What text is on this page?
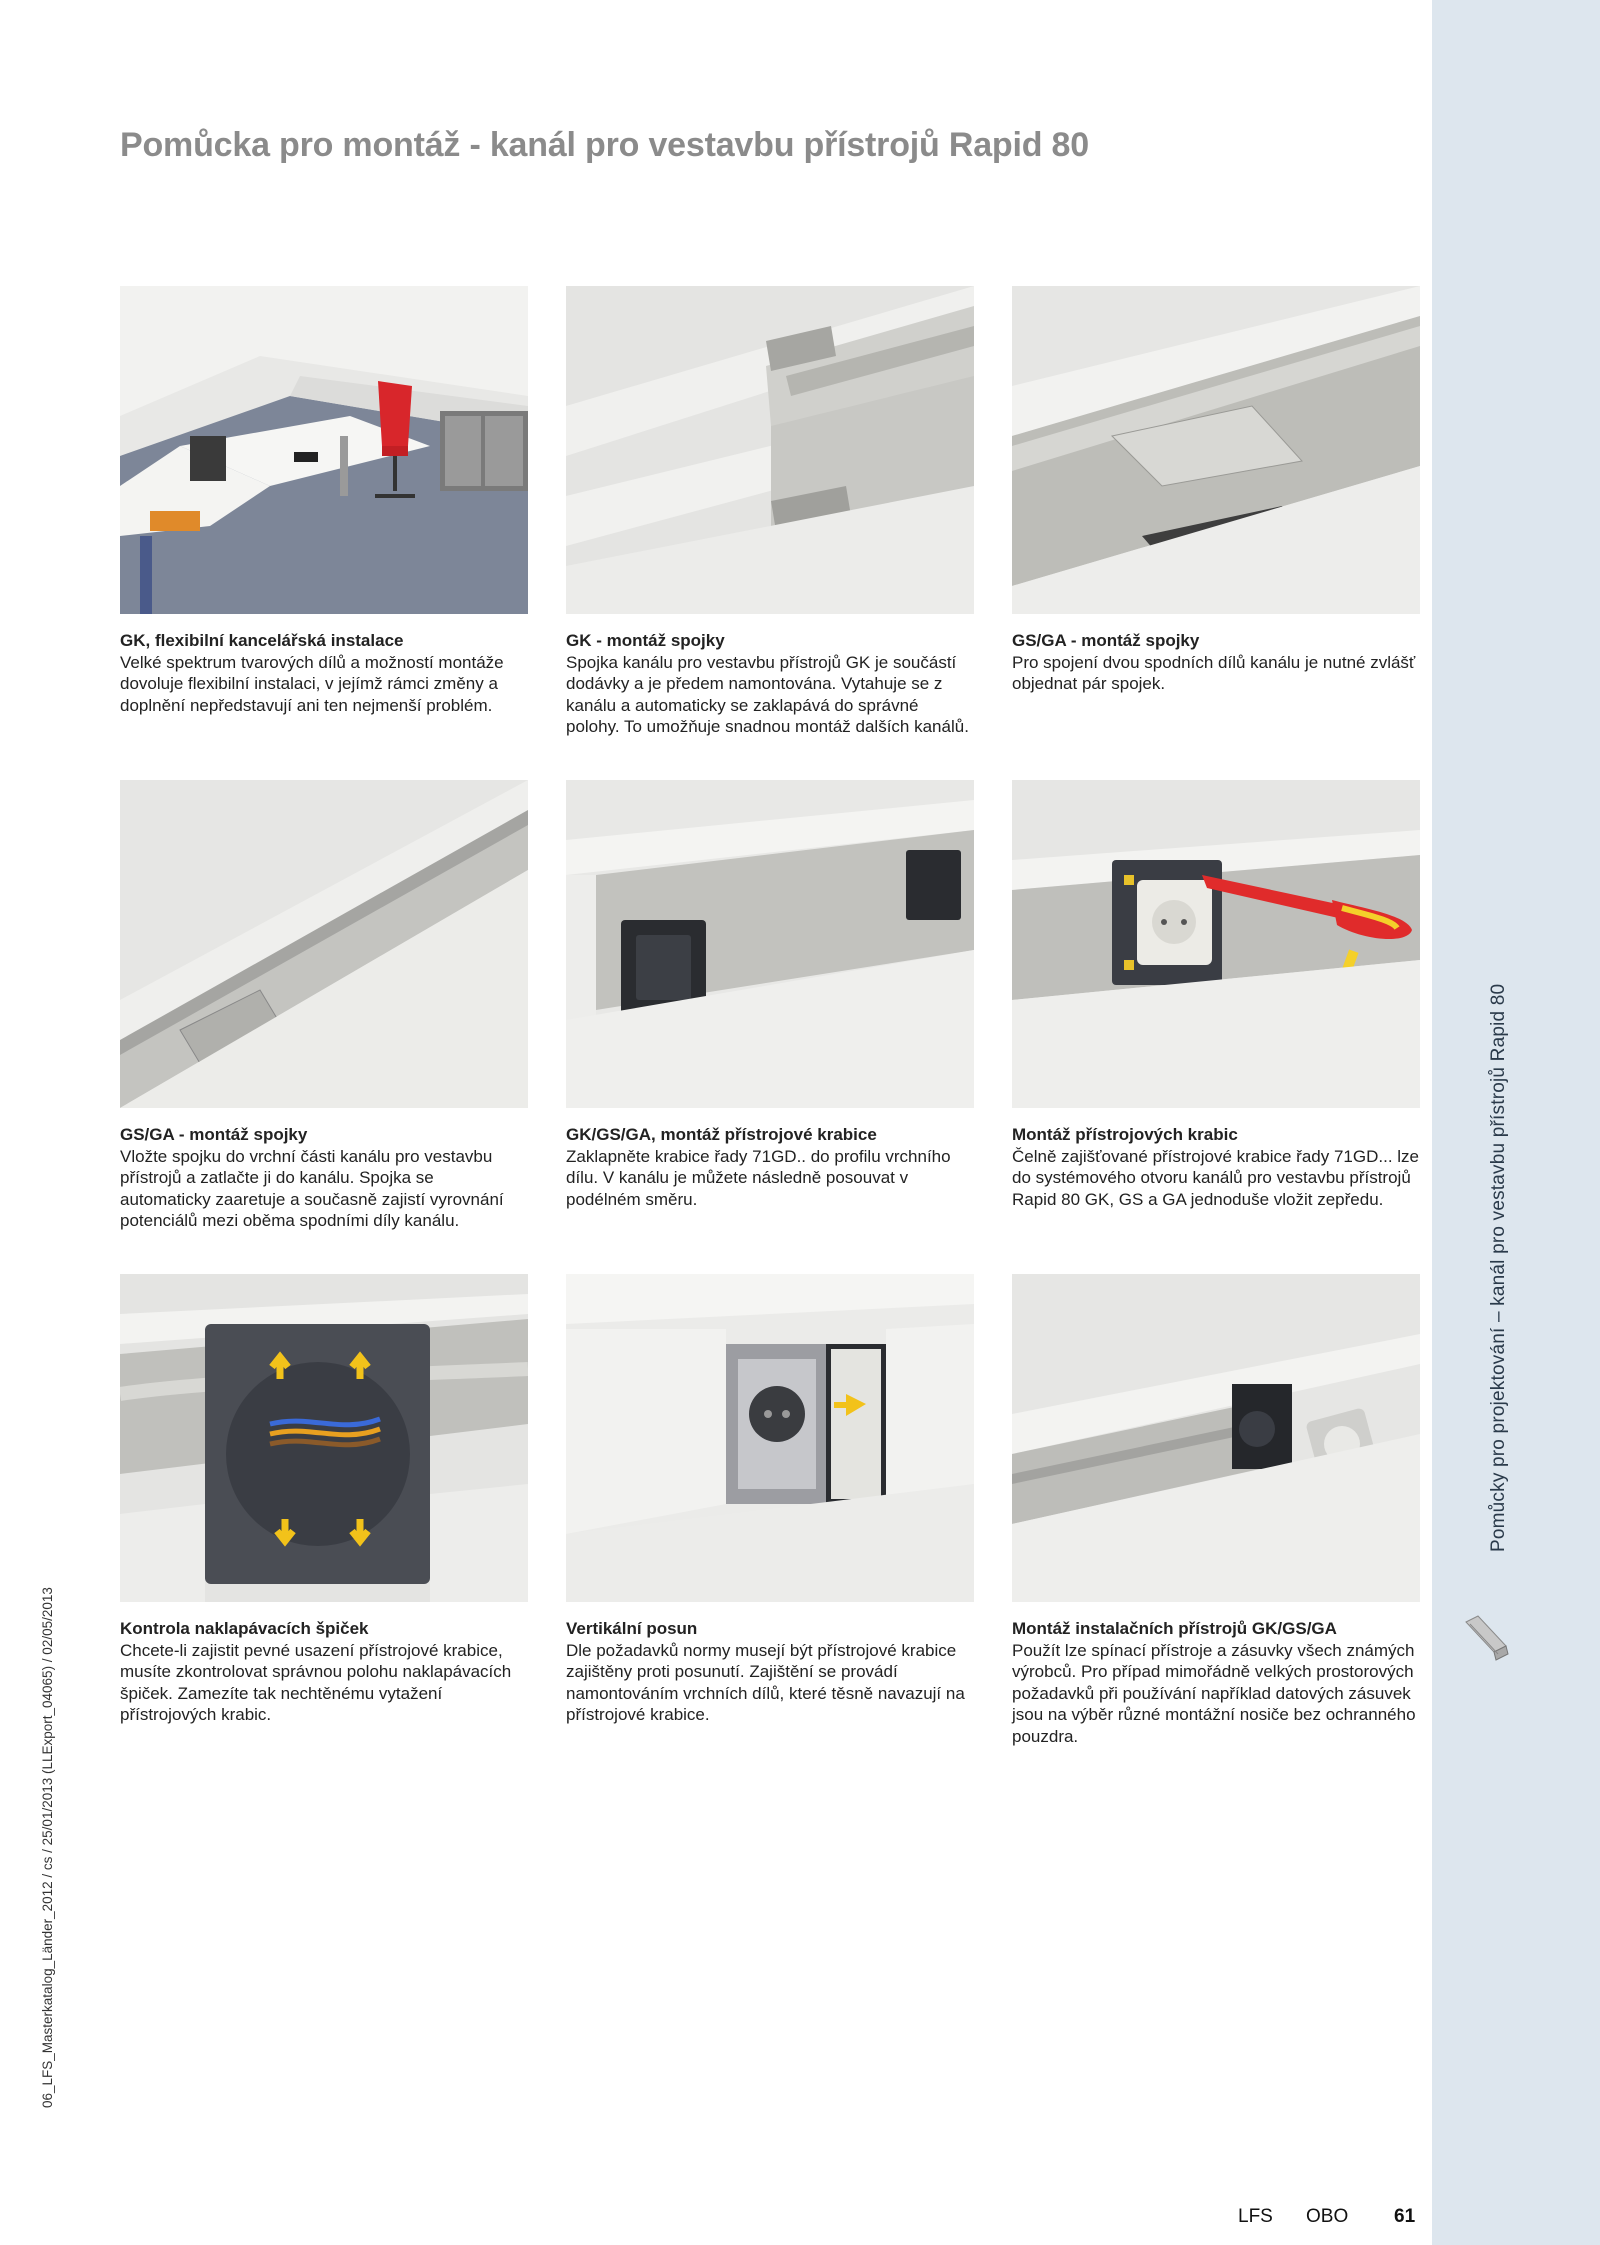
Pomůcky pro projektování – kanál pro vestavbu přístrojů Rapid 80
06_LFS_Masterkatalog_Länder_2012 / cs / 25/01/2013 (LLExport_04065) / 02/05/2013
Pomůcka pro montáž - kanál pro vestavbu přístrojů Rapid 80
GK, flexibilní kancelářská instalace
Velké spektrum tvarových dílů a možností montáže dovoluje flexibilní instalaci, v jejímž rámci změny a doplnění nepředstavují ani ten nejmenší problém.
GK - montáž spojky
Spojka kanálu pro vestavbu přístrojů GK je součástí dodávky a je předem namontována. Vytahuje se z kanálu a automaticky se zaklapává do správné polohy. To umožňuje snadnou montáž dalších kanálů.
GS/GA - montáž spojky
Pro spojení dvou spodních dílů kanálu je nutné zvlášť objednat pár spojek.
GS/GA - montáž spojky
Vložte spojku do vrchní části kanálu pro vestavbu přístrojů a zatlačte ji do kanálu. Spojka se automaticky zaaretuje a současně zajistí vyrovnání potenciálů mezi oběma spodními díly kanálu.
GK/GS/GA, montáž přístrojové krabice
Zaklapněte krabice řady 71GD.. do profilu vrchního dílu. V kanálu je můžete následně posouvat v podélném směru.
Montáž přístrojových krabic
Čelně zajišťované přístrojové krabice řady 71GD... lze do systémového otvoru kanálů pro vestavbu přístrojů Rapid 80 GK, GS a GA jednoduše vložit zepředu.
Kontrola naklapávacích špiček
Chcete-li zajistit pevné usazení přístrojové krabice, musíte zkontrolovat správnou polohu naklapávacích špiček. Zamezíte tak nechtěnému vytažení přístrojových krabic.
Vertikální posun
Dle požadavků normy musejí být přístrojové krabice zajištěny proti posunutí. Zajištění se provádí namontováním vrchních dílů, které těsně navazují na přístrojové krabice.
Montáž instalačních přístrojů GK/GS/GA
Použít lze spínací přístroje a zásuvky všech známých výrobců. Pro případ mimořádně velkých prostorových požadavků při používání například datových zásuvek jsou na výběr různé montážní nosiče bez ochranného pouzdra.
LFS OBO 61
